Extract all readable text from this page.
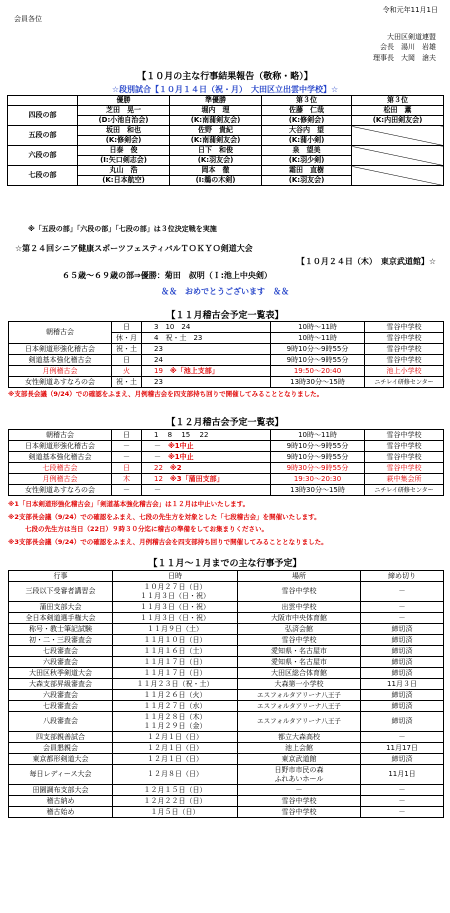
令和元年11月1日
会員各位
大田区剣道連盟
会長　湯川　岩雄
理事長　大岡　滄夫
【１０月の主な行事結果報告（敬称・略）】
☆段別試合【１０月１４日（祝・月）　大田区立出雲中学校】☆
	優勝	準優勝	第３位	第３位
四段の部	芝田　晃一	堀内　理	佐藤　仁哉	松田　薫
	(D:小池自治会)	(K:南蒲剣友会)	(K:修剣会)	(K:内田剣友会)
五段の部	坂田　和也	佐野　貴紀	大谷内　望	
	(K:修剣会)	(K:南蒲剣友会)	(K:蒲小剣)	
六段の部	日泰　俊	日下　和俊	泉　望美	
	(I:矢口剣志会)	(K:羽友会)	(K:羽少剣)	
七段の部	丸山　浩	岡本　徹	霜田　直樹	
	(K:日本航空)	(I:鵜の木剣)	(K:羽友会)	
※「五段の部」「六段の部」「七段の部」は３位決定戦を実施
☆第２４回シニア健康スポーツフェスティバルＴＯＫＹＯ剣道大会
【１０月２４日（木）　東京武道館】☆
６５歳～６９歳の部⇒優勝：菊田　叔明（Ｉ:池上中央剣）
＆＆　おめでとうございます　＆＆
【１１月稽古会予定一覧表】
朝稽古会	日	3　10　24	10時～11時	雪谷中学校
	休・月	4　祝・土　23	10時～11時	雪谷中学校
日本剣道形強化稽古会	祝・土	23	9時10分～9時55分	雪谷中学校
剣道基本強化稽古会	日	24	9時10分～9時55分	雪谷中学校
月例稽古会	火	19　 ※「池上支部」	19:50～20:40	池上小学校
女性剣道あすなろの会	祝・土	23	13時30分～15時	ニチレイ研修センター
※支部長会議（9/24）での確認をふまえ、月例稽古会を四支部持ち回りで開催してみることとなりました。
【１２月稽古会予定一覧表】
朝稽古会	日	1　 8　 15　 22	10時～11時	雪谷中学校
日本剣道形強化稽古会	－	－　 ※1中止	9時10分～9時55分	雪谷中学校
剣道基本強化稽古会	－	－　 ※1中止	9時10分～9時55分	雪谷中学校
七段稽古会	日	22　 ※2	9時30分～9時55分	雪谷中学校
月例稽古会	木	12　 ※3「蒲田支部」	19:30～20:30	萩中集会所
女性剣道あすなろの会	－	－	13時30分～15時	ニチレイ研修センター
※1「日本剣道形強化稽古会」「剣道基本強化稽古会」は１２月は中止いたします。
※2支部長会議（9/24）での確認をふまえ、七段の先生方を対象とした「七段稽古会」を開催いたします。
七段の先生方は当日（22日）９時３０分迄に稽古の準備をしてお集まりください。
※3支部長会議（9/24）での確認をふまえ、月例稽古会を四支部持ち回りで開催してみることとなりました。
【１１月～１月までの主な行事予定】
行事	日時	場所	締め切り
三段以下受審者講習会	１０月２７日（日）
１１月３日（日・祝）	雪谷中学校	－
蒲田支部大会	１１月３日（日・祝）	出雲中学校	－
全日本剣道選手権大会	１１月３日（日・祝）	大阪市中央体育館	－
称号・教士筆記試験	１１月９日（土）	弘済会館	締切済
初・二・三段審査会	１１月１０日（日）	雪谷中学校	締切済
七段審査会	１１月１６日（土）	愛知県・名古屋市	締切済
六段審査会	１１月１７日（日）	愛知県・名古屋市	締切済
大田区秋季剣道大会	１１月１７日（日）	大田区総合体育館	締切済
大森支部昇級審査会	１１月２３日（祝・土）	大森第一小学校	11月３日
六段審査会	１１月２６日（火）	エスフォルタアリーナ八王子	締切済
七段審査会	１１月２７日（水）	エスフォルタアリーナ八王子	締切済
八段審査会	１１月２８日（木）
１１月２９日（金）	エスフォルタアリーナ八王子	締切済
四支部親善試合	１２月１日（日）	都立大森高校	－
会員懇親会	１２月１日（日）	池上会館	11月17日
東京都形剣道大会	１２月１日（日）	東京武道館	締切済
毎日レディース大会	１２月８日（日）	日野市市民の森
ふれあいホール	11月1日
田園調布支部大会	１２月１５日（日）	－	－
稽古納め	１２月２２日（日）	雪谷中学校	－
稽古始め	１月５日（日）	雪谷中学校	－
